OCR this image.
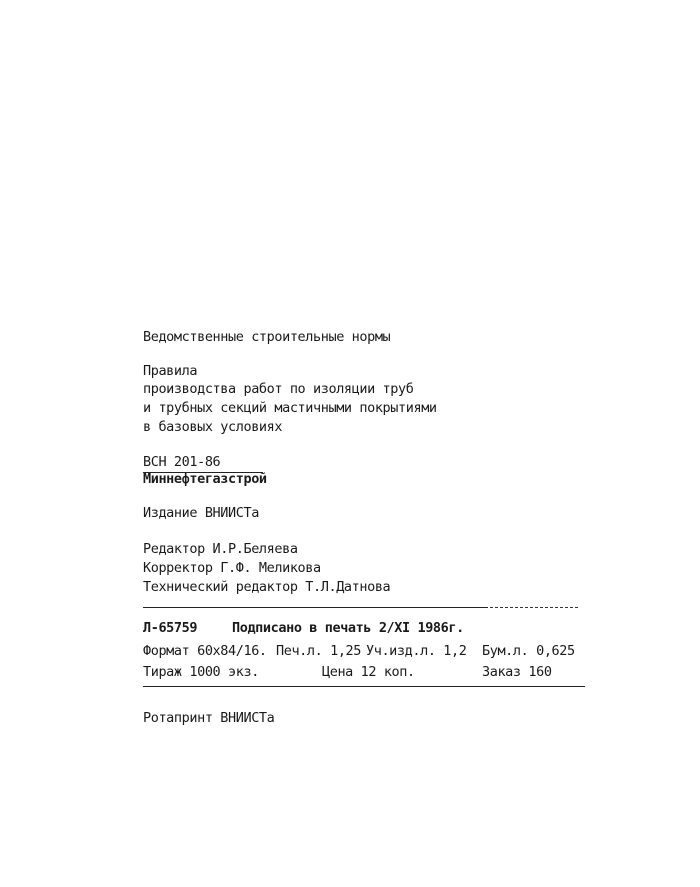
Ведомственные строительные нормы
Правила
производства работ по изоляции труб
и трубных секций мастичными покрытиями
в базовых условиях
ВСН 201-86
Миннефтегазстрой
Издание ВНИИСТа
Редактор И.Р.Беляева
Корректор Г.Ф. Меликова
Технический редактор Т.Л.Датнова
Л-65759	Подписано в печать 2/XI 1986г.
Формат 60х84/16. Печ.л. 1,25 Уч.изд.л. 1,2 Бум.л. 0,625
Тираж 1000 экз.	Цена 12 коп.	Заказ 160
Ротапринт ВНИИСТа
